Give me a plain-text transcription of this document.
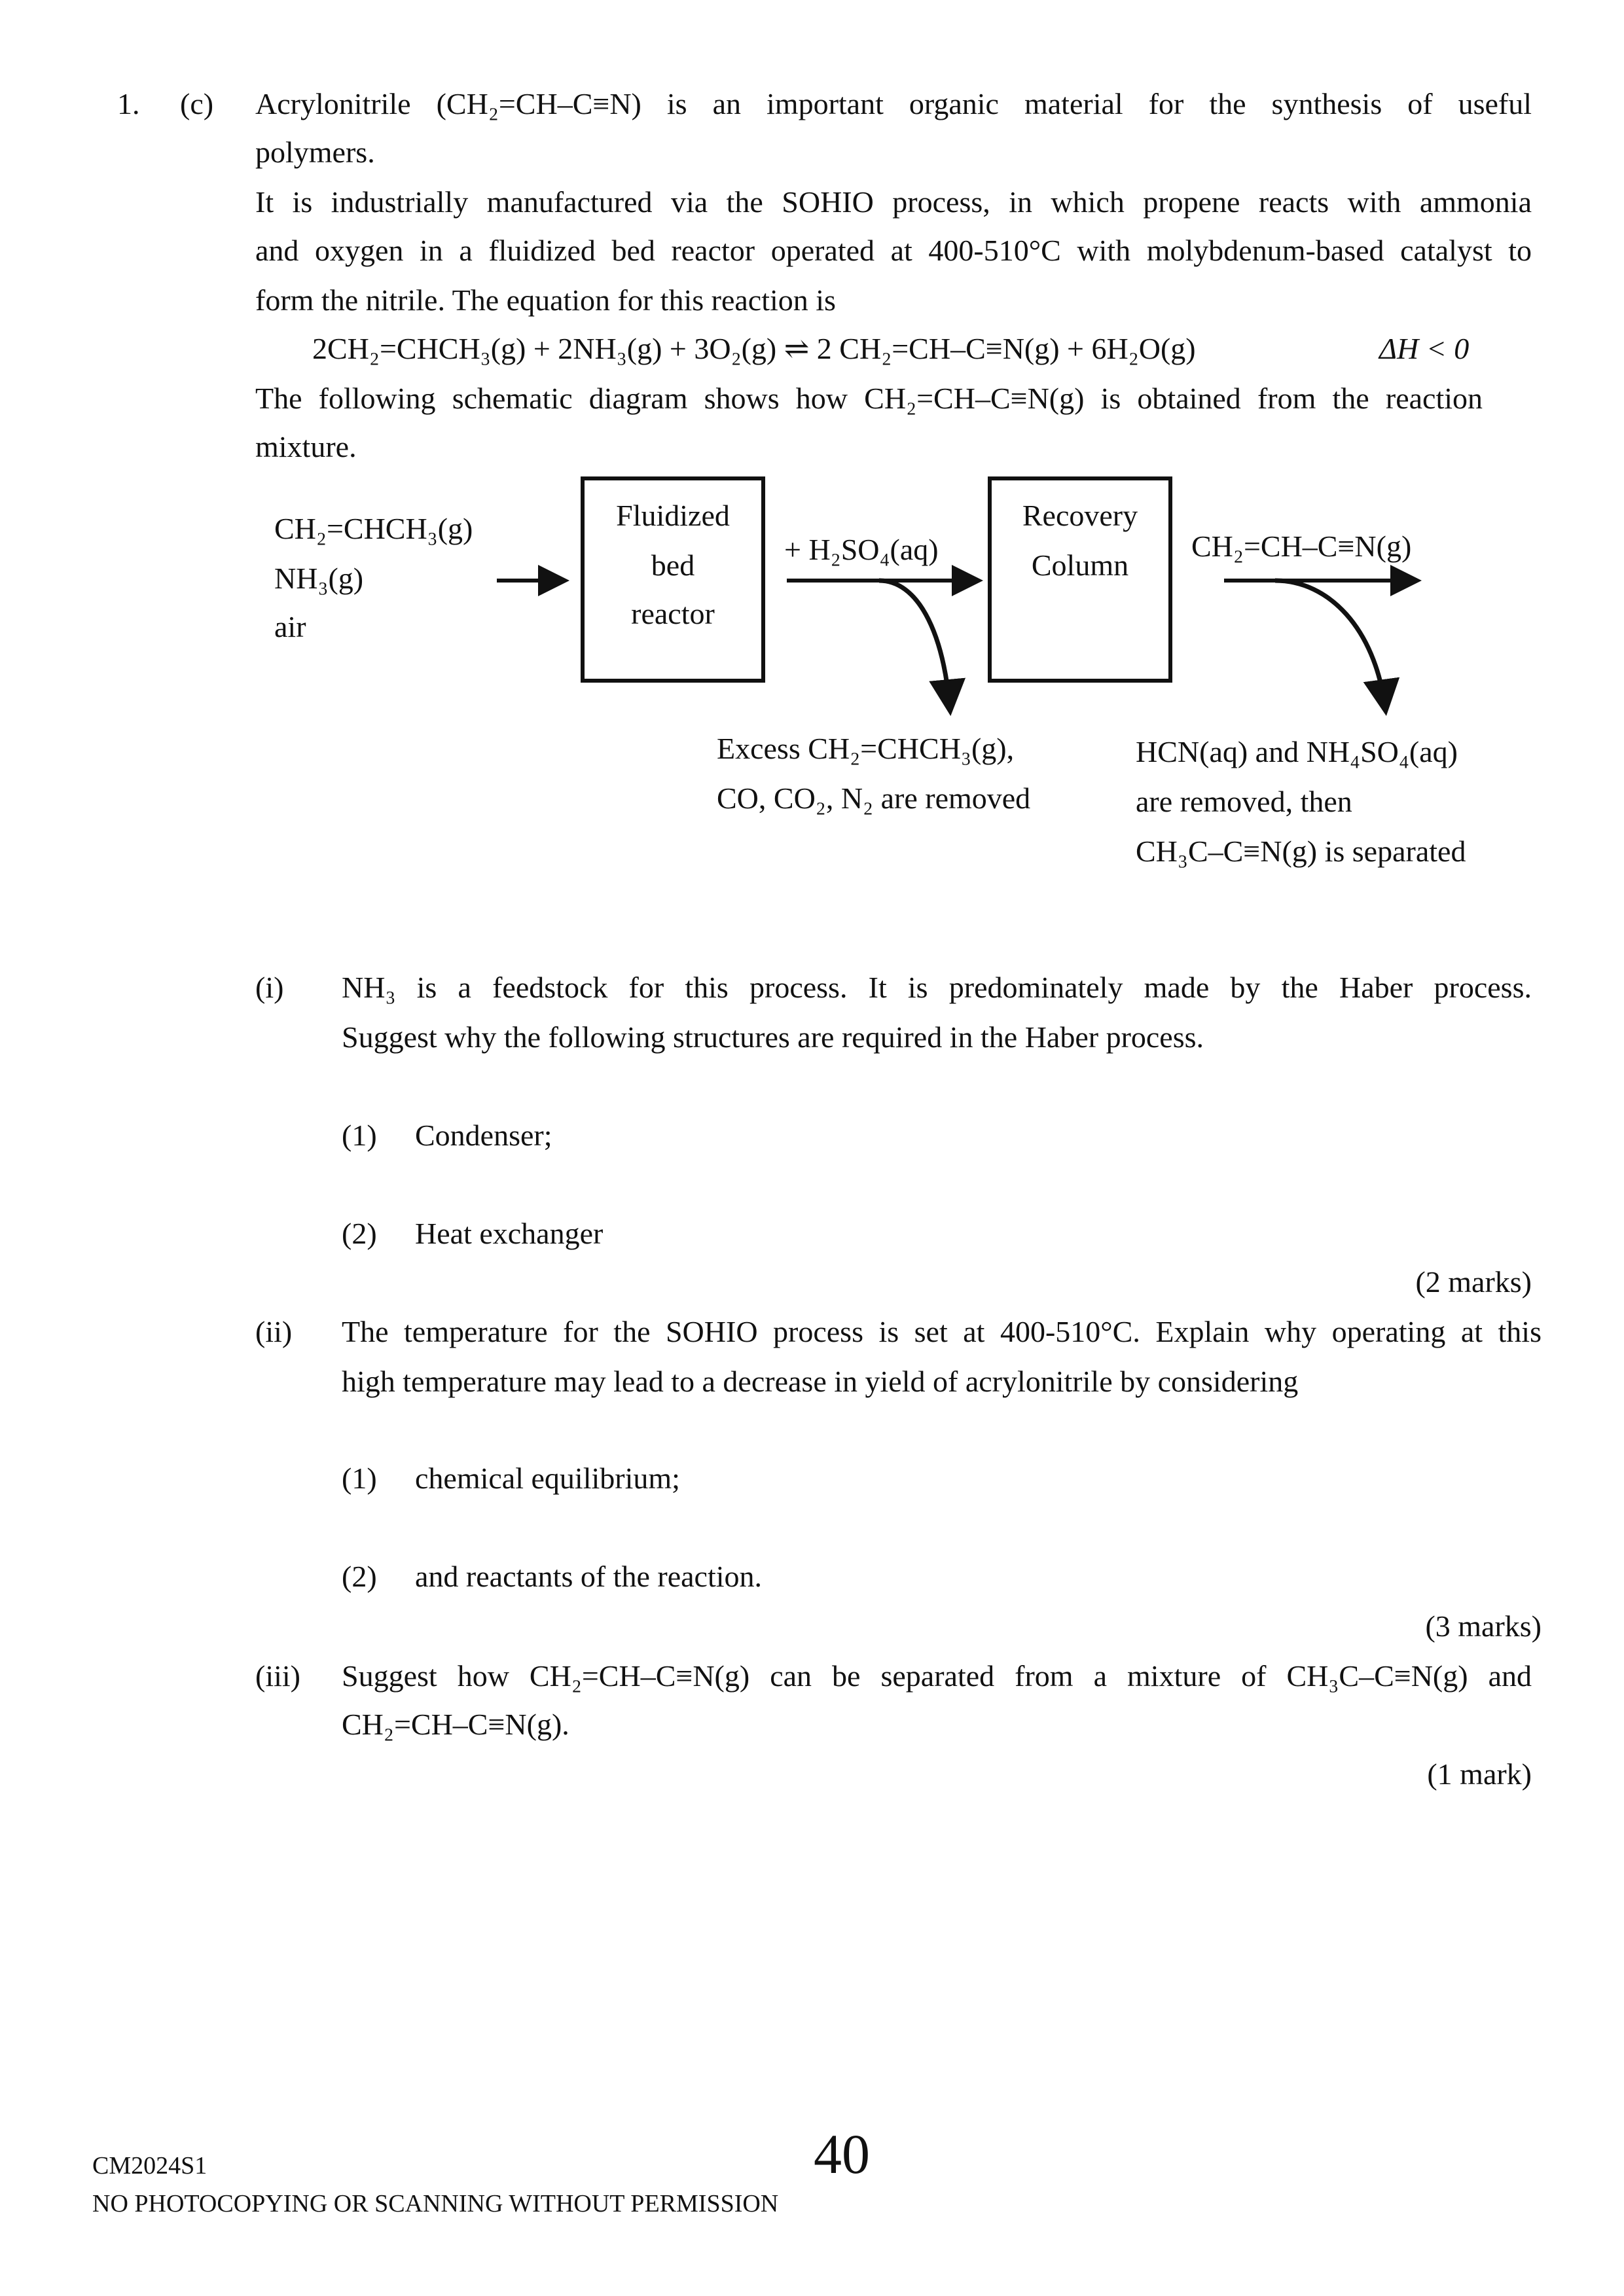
1. (c) Acrylonitrile (CH₂=CH–C≡N) is an important organic material for the synthesis of useful
polymers.
It is industrially manufactured via the SOHIO process, in which propene reacts with ammonia
and oxygen in a fluidized bed reactor operated at 400-510°C with molybdenum-based catalyst to
form the nitrile. The equation for this reaction is
2CH₂=CHCH₃(g) + 2NH₃(g) + 3O₂(g) ⇌ 2 CH₂=CH–C≡N(g) + 6H₂O(g)	ΔH < 0
The following schematic diagram shows how CH₂=CH–C≡N(g) is obtained from the reaction
mixture.
CH₂=CHCH₃(g)
NH₃(g)
air
Fluidized
bed
reactor
+ H₂SO₄(aq)
Recovery
Column
CH₂=CH–C≡N(g)
Excess CH₂=CHCH₃(g),
CO, CO₂, N₂ are removed
HCN(aq) and NH₄SO₄(aq)
are removed, then
CH₃C–C≡N(g) is separated
(i) NH₃ is a feedstock for this process. It is predominately made by the Haber process.
Suggest why the following structures are required in the Haber process.
(1) Condenser;
(2) Heat exchanger
(2 marks)
(ii) The temperature for the SOHIO process is set at 400-510°C. Explain why operating at this
high temperature may lead to a decrease in yield of acrylonitrile by considering
(1) chemical equilibrium;
(2) and reactants of the reaction.
(3 marks)
(iii) Suggest how CH₂=CH–C≡N(g) can be separated from a mixture of CH₃C–C≡N(g) and
CH₂=CH–C≡N(g).
(1 mark)
CM2024S1	40
NO PHOTOCOPYING OR SCANNING WITHOUT PERMISSION
